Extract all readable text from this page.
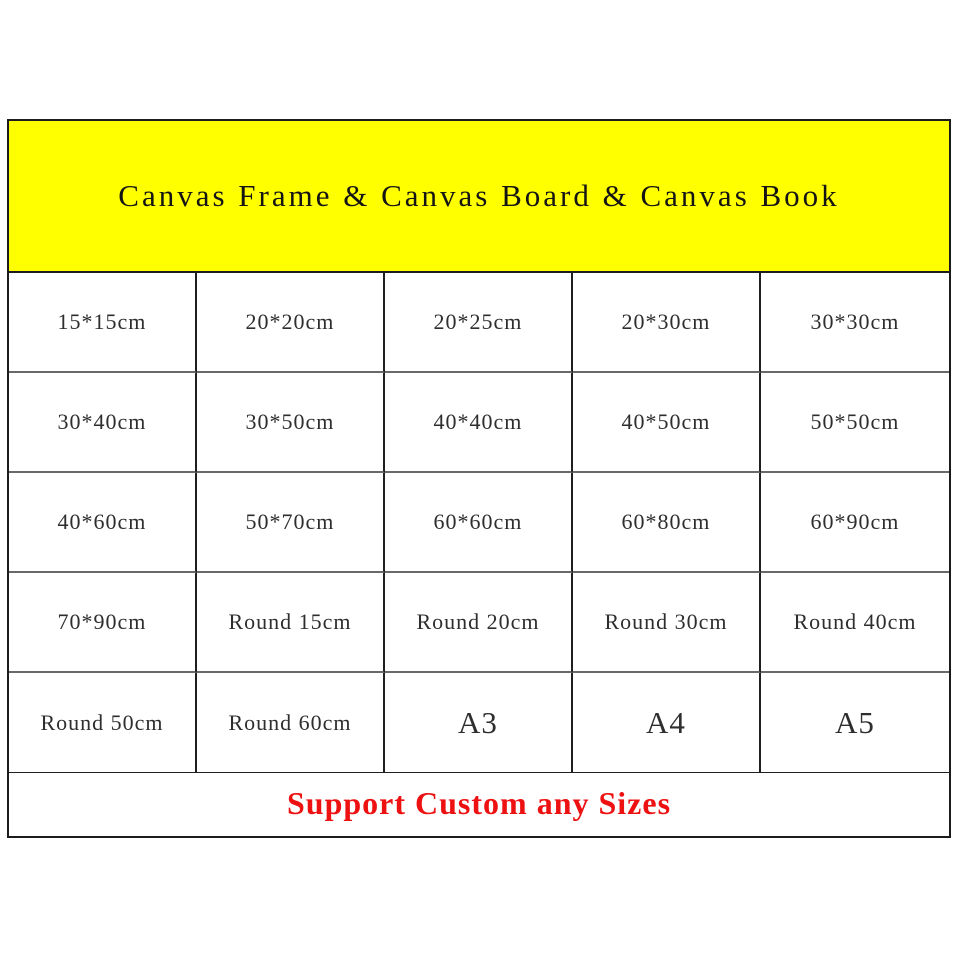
Canvas Frame & Canvas Board & Canvas Book
15*15cm	20*20cm	20*25cm	20*30cm	30*30cm
30*40cm	30*50cm	40*40cm	40*50cm	50*50cm
40*60cm	50*70cm	60*60cm	60*80cm	60*90cm
70*90cm	Round 15cm	Round 20cm	Round 30cm	Round 40cm
Round 50cm	Round 60cm	A3	A4	A5
Support Custom any Sizes
